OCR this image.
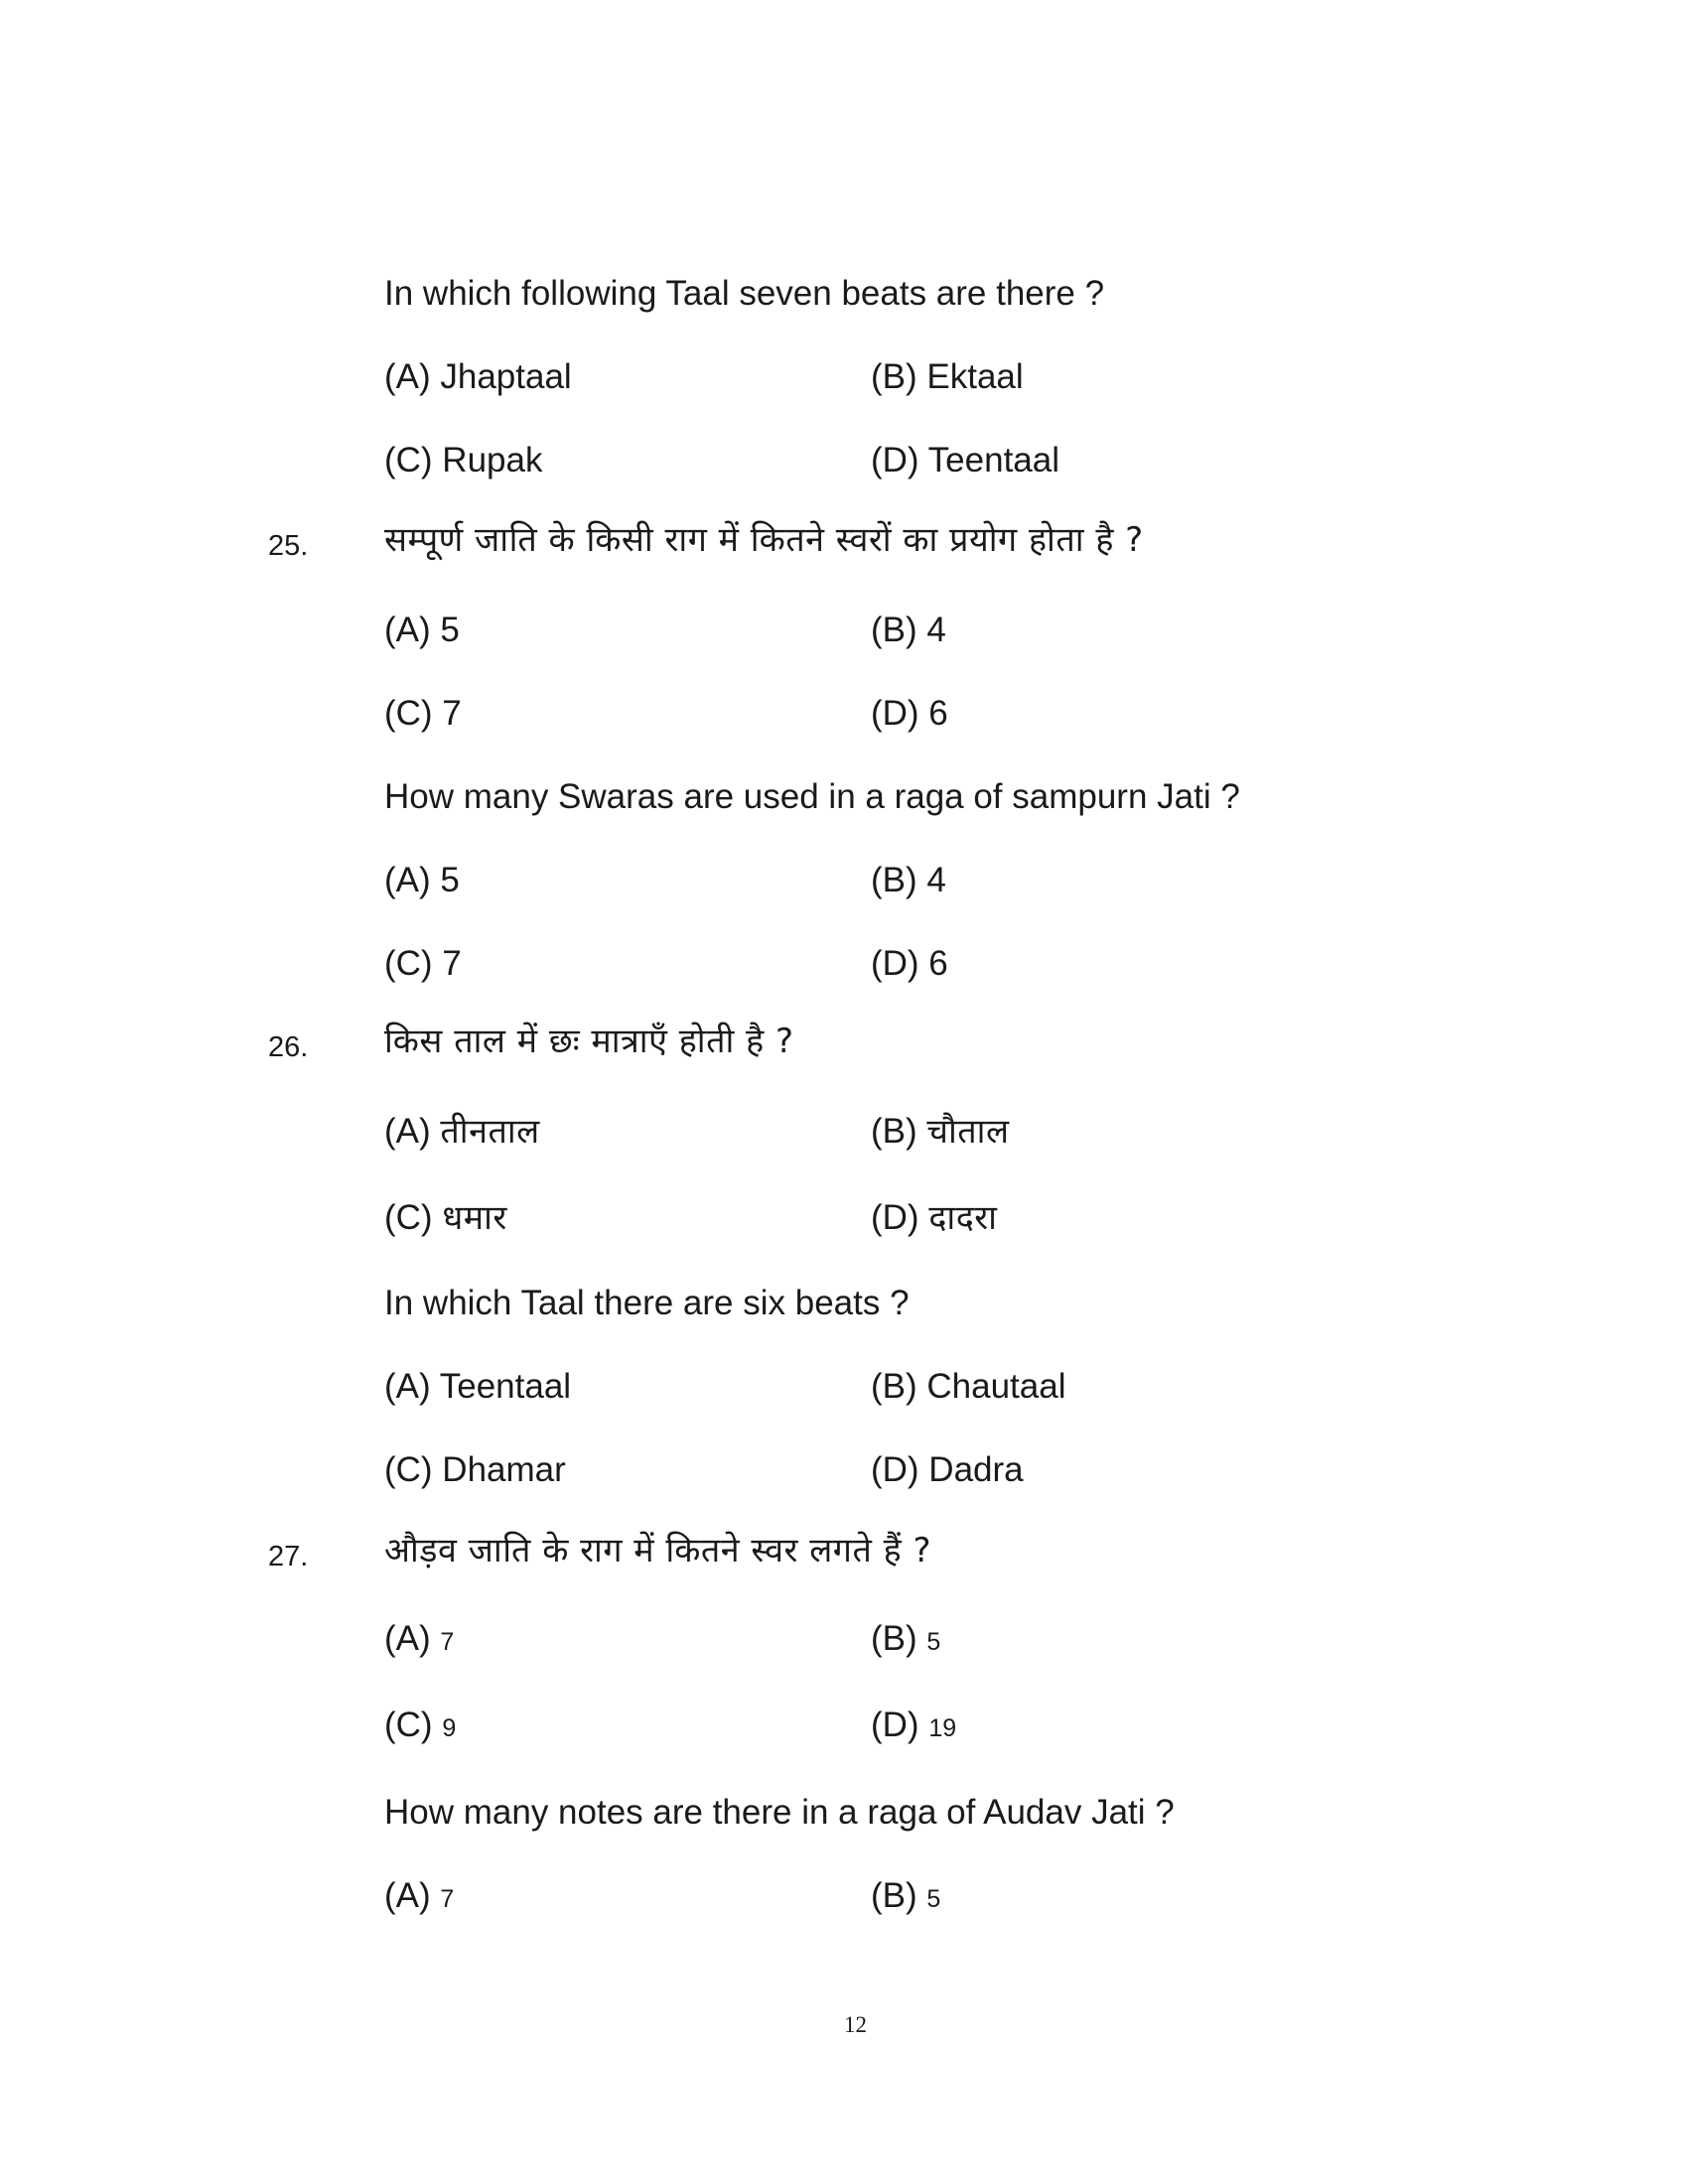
In which following Taal seven beats are there ?
(A) Jhaptaal	(B) Ektaal
(C) Rupak	(D) Teentaal
25. सम्पूर्ण जाति के किसी राग में कितने स्वरों का प्रयोग होता है ?
(A) 5	(B) 4
(C) 7	(D) 6
How many Swaras are used in a raga of sampurn Jati ?
(A) 5	(B) 4
(C) 7	(D) 6
26. किस ताल में छः मात्राएँ होती है ?
(A) तीनताल	(B) चौताल
(C) धमार	(D) दादरा
In which Taal there are six beats ?
(A) Teentaal	(B) Chautaal
(C) Dhamar	(D) Dadra
27. औड़व जाति के राग में कितने स्वर लगते हैं ?
(A) 7	(B) 5
(C) 9	(D) 19
How many notes are there in a raga of Audav Jati ?
(A) 7	(B) 5
12
